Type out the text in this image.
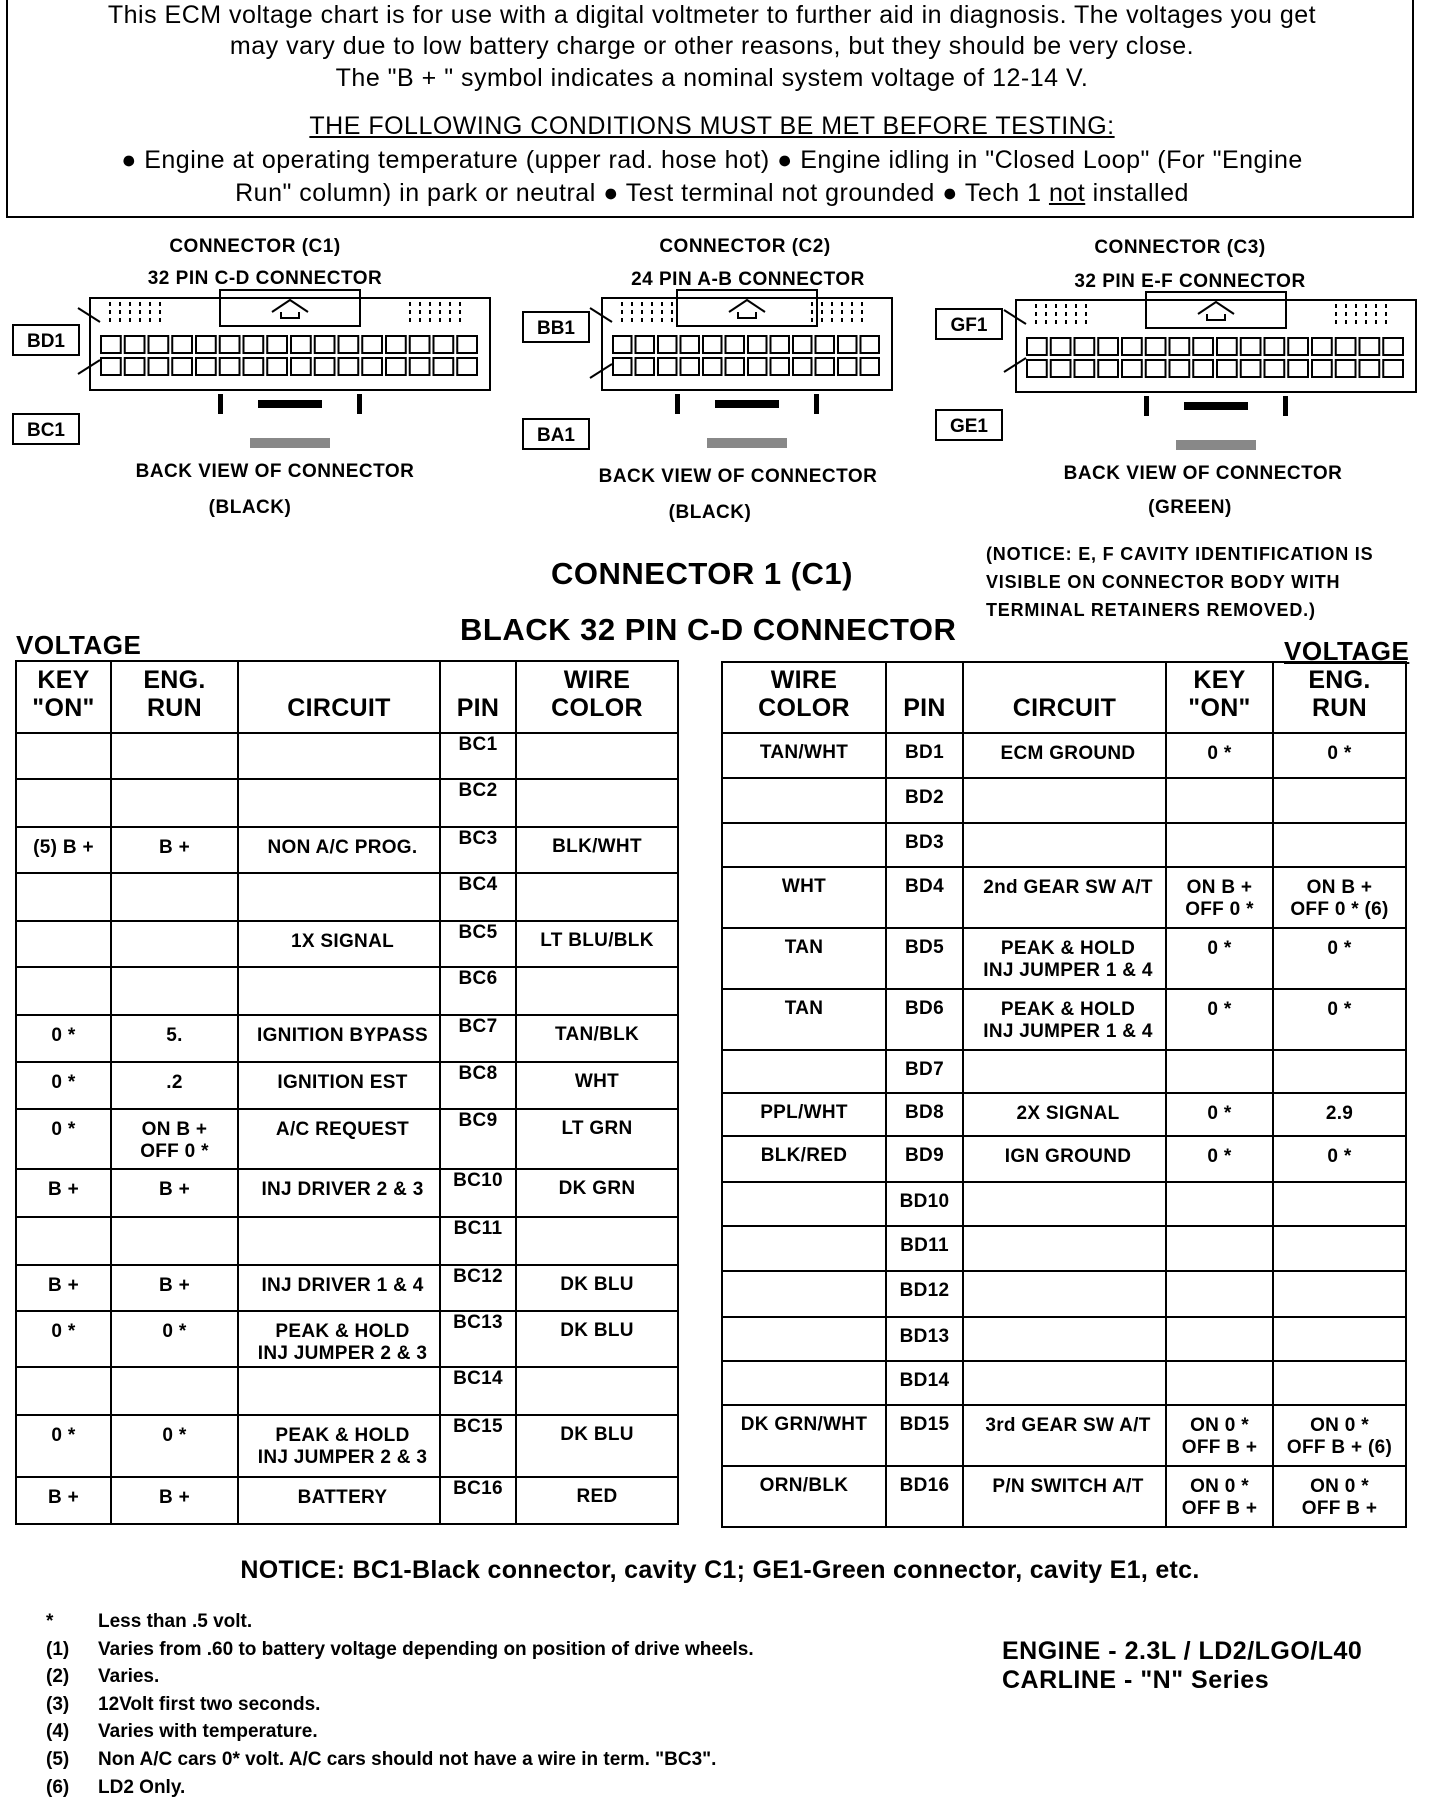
This ECM voltage chart is for use with a digital voltmeter to further aid in diagnosis. The voltages you get
may vary due to low battery charge or other reasons, but they should be very close.
The "B + " symbol indicates a nominal system voltage of 12-14 V.
THE FOLLOWING CONDITIONS MUST BE MET BEFORE TESTING:
● Engine at operating temperature (upper rad. hose hot) ● Engine idling in "Closed Loop" (For "Engine
Run" column) in park or neutral ● Test terminal not grounded ● Tech 1 not installed
CONNECTOR (C1)
32 PIN C-D CONNECTOR
BD1
BC1
BACK VIEW OF CONNECTOR
(BLACK)
CONNECTOR (C2)
24 PIN A-B CONNECTOR
BB1
BA1
BACK VIEW OF CONNECTOR
(BLACK)
CONNECTOR (C3)
32 PIN E-F CONNECTOR
GF1
GE1
BACK VIEW OF CONNECTOR
(GREEN)
CONNECTOR 1 (C1)
BLACK 32 PIN C-D CONNECTOR
(NOTICE: E, F CAVITY IDENTIFICATION IS
VISIBLE ON CONNECTOR BODY WITH
TERMINAL RETAINERS REMOVED.)
VOLTAGE	VOLTAGE
KEY
"ON"	ENG.
RUN	CIRCUIT	PIN	WIRE
COLOR
			BC1	
			BC2	
(5) B +	B +	NON A/C PROG.	BC3	BLK/WHT
			BC4	
		1X SIGNAL	BC5	LT BLU/BLK
			BC6	
0 *	5.	IGNITION BYPASS	BC7	TAN/BLK
0 *	.2	IGNITION EST	BC8	WHT
0 *	ON B +
OFF 0 *	A/C REQUEST	BC9	LT GRN
B +	B +	INJ DRIVER 2 & 3	BC10	DK GRN
			BC11	
B +	B +	INJ DRIVER 1 & 4	BC12	DK BLU
0 *	0 *	PEAK & HOLD
INJ JUMPER 2 & 3	BC13	DK BLU
			BC14	
0 *	0 *	PEAK & HOLD
INJ JUMPER 2 & 3	BC15	DK BLU
B +	B +	BATTERY	BC16	RED
WIRE
COLOR	PIN	CIRCUIT	KEY
"ON"	ENG.
RUN
TAN/WHT	BD1	ECM GROUND	0 *	0 *
	BD2			
	BD3			
WHT	BD4	2nd GEAR SW A/T	ON B +
OFF 0 *	ON B +
OFF 0 * (6)
TAN	BD5	PEAK & HOLD
INJ JUMPER 1 & 4	0 *	0 *
TAN	BD6	PEAK & HOLD
INJ JUMPER 1 & 4	0 *	0 *
	BD7			
PPL/WHT	BD8	2X SIGNAL	0 *	2.9
BLK/RED	BD9	IGN GROUND	0 *	0 *
	BD10			
	BD11			
	BD12			
	BD13			
	BD14			
DK GRN/WHT	BD15	3rd GEAR SW A/T	ON 0 *
OFF B +	ON 0 *
OFF B + (6)
ORN/BLK	BD16	P/N SWITCH A/T	ON 0 *
OFF B +	ON 0 *
OFF B +
NOTICE: BC1-Black connector, cavity C1; GE1-Green connector, cavity E1, etc.
* Less than .5 volt.
(1) Varies from .60 to battery voltage depending on position of drive wheels.
(2) Varies.
(3) 12Volt first two seconds.
(4) Varies with temperature.
(5) Non A/C cars 0* volt. A/C cars should not have a wire in term. "BC3".
(6) LD2 Only.
ENGINE - 2.3L / LD2/LGO/L40
CARLINE - "N" Series
